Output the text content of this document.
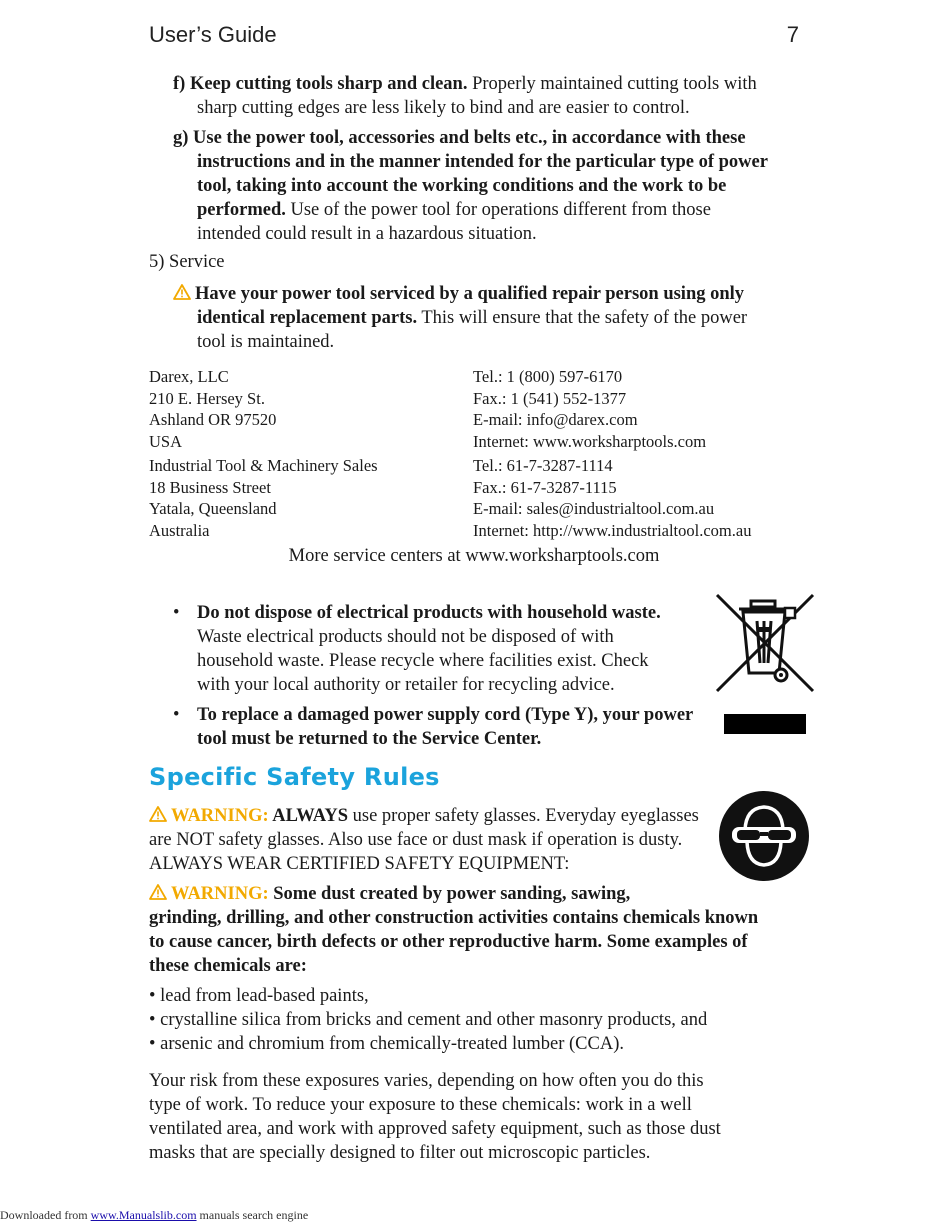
User’s Guide	7
f) Keep cutting tools sharp and clean. Properly maintained cutting tools with
sharp cutting edges are less likely to bind and are easier to control.
g) Use the power tool, accessories and belts etc., in accordance with these
instructions and in the manner intended for the particular type of power
tool, taking into account the working conditions and the work to be
performed. Use of the power tool for operations different from those
intended could result in a hazardous situation.
5) Service
Have your power tool serviced by a qualified repair person using only
identical replacement parts. This will ensure that the safety of the power
tool is maintained.
Darex, LLC
210 E. Hersey St.
Ashland OR 97520
USA
Tel.: 1 (800) 597-6170
Fax.: 1 (541) 552-1377
E-mail: info@darex.com
Internet: www.worksharptools.com
Industrial Tool & Machinery Sales
18 Business Street
Yatala, Queensland
Australia
Tel.: 61-7-3287-1114
Fax.: 61-7-3287-1115
E-mail: sales@industrialtool.com.au
Internet: http://www.industrialtool.com.au
More service centers at www.worksharptools.com
• Do not dispose of electrical products with household waste.
Waste electrical products should not be disposed of with
household waste. Please recycle where facilities exist. Check
with your local authority or retailer for recycling advice.
• To replace a damaged power supply cord (Type Y), your power
tool must be returned to the Service Center.
Specific Safety Rules
WARNING: ALWAYS use proper safety glasses. Everyday eyeglasses
are NOT safety glasses. Also use face or dust mask if operation is dusty.
ALWAYS WEAR CERTIFIED SAFETY EQUIPMENT:
WARNING: Some dust created by power sanding, sawing,
grinding, drilling, and other construction activities contains chemicals known
to cause cancer, birth defects or other reproductive harm. Some examples of
these chemicals are:
• lead from lead-based paints,
• crystalline silica from bricks and cement and other masonry products, and
• arsenic and chromium from chemically-treated lumber (CCA).
Your risk from these exposures varies, depending on how often you do this
type of work. To reduce your exposure to these chemicals: work in a well
ventilated area, and work with approved safety equipment, such as those dust
masks that are specially designed to filter out microscopic particles.
Downloaded from www.Manualslib.com manuals search engine
